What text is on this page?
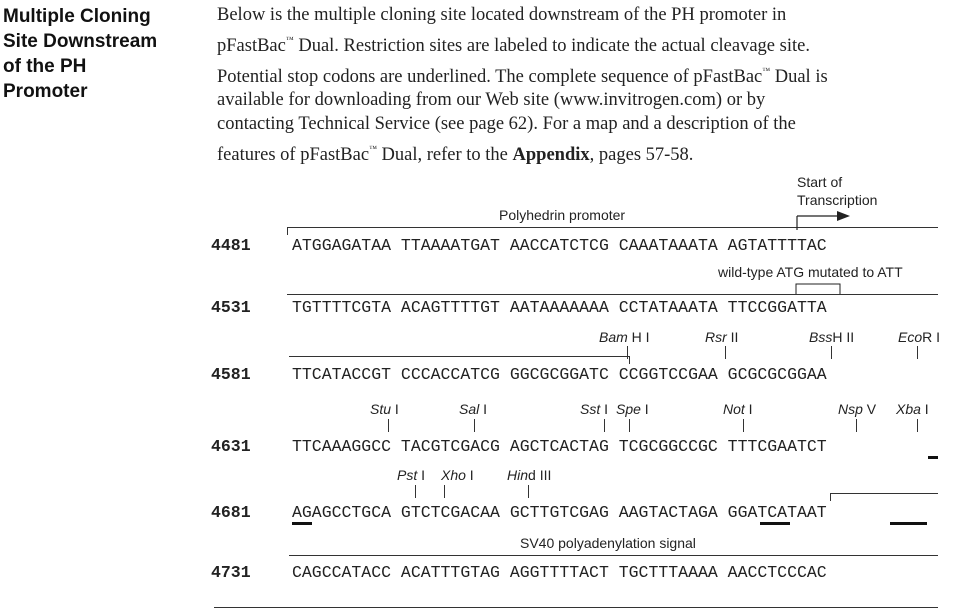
Multiple Cloning
Site Downstream
of the PH
Promoter
Below is the multiple cloning site located downstream of the PH promoter in
pFastBac™ Dual. Restriction sites are labeled to indicate the actual cleavage site.
Potential stop codons are underlined. The complete sequence of pFastBac™ Dual is
available for downloading from our Web site (www.invitrogen.com) or by
contacting Technical Service (see page 62). For a map and a description of the
features of pFastBac™ Dual, refer to the Appendix, pages 57-58.
Polyhedrin promoter
Start of
Transcription
4481	ATGGAGATAA TTAAAATGAT AACCATCTCG CAAATAAATA AGTATTTTAC
wild-type ATG mutated to ATT
4531	TGTTTTCGTA ACAGTTTTGT AATAAAAAAA CCTATAAATA TTCCGGATTA
Bam H I	Rsr II	BssH II	EcoR I
4581	TTCATACCGT CCCACCATCG GGCGCGGATC CCGGTCCGAA GCGCGCGGAA
Stu I	Sal I	Sst I Spe I	Not I	Nsp V Xba I
4631	TTCAAAGGCC TACGTCGACG AGCTCACTAG TCGCGGCCGC TTTCGAATCT
Pst I Xho I Hind III
4681	AGAGCCTGCA GTCTCGACAA GCTTGTCGAG AAGTACTAGA GGATCATAAT
SV40 polyadenylation signal
4731	CAGCCATACC ACATTTGTAG AGGTTTTACT TGCTTTAAAA AACCTCCCAC
